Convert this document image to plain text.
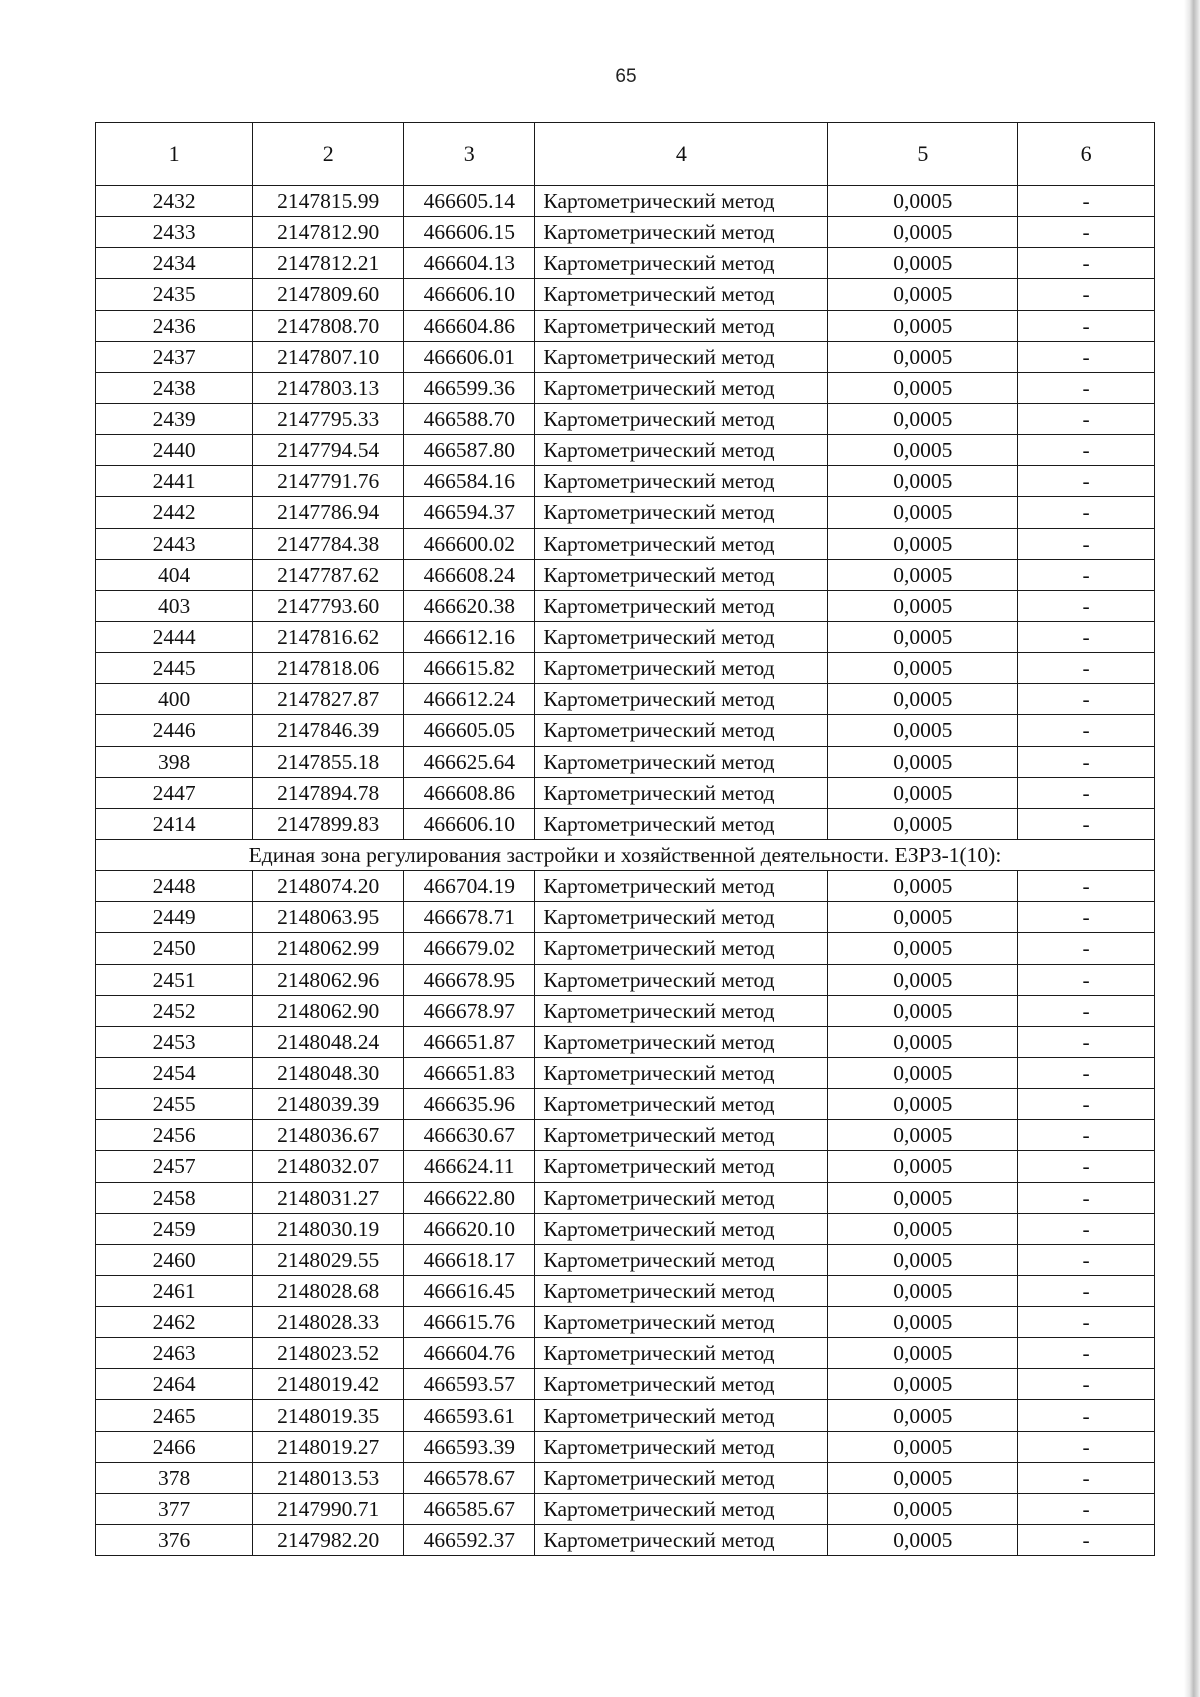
65
1	2	3	4	5	6
2432	2147815.99	466605.14	Картометрический метод	0,0005	-
2433	2147812.90	466606.15	Картометрический метод	0,0005	-
2434	2147812.21	466604.13	Картометрический метод	0,0005	-
2435	2147809.60	466606.10	Картометрический метод	0,0005	-
2436	2147808.70	466604.86	Картометрический метод	0,0005	-
2437	2147807.10	466606.01	Картометрический метод	0,0005	-
2438	2147803.13	466599.36	Картометрический метод	0,0005	-
2439	2147795.33	466588.70	Картометрический метод	0,0005	-
2440	2147794.54	466587.80	Картометрический метод	0,0005	-
2441	2147791.76	466584.16	Картометрический метод	0,0005	-
2442	2147786.94	466594.37	Картометрический метод	0,0005	-
2443	2147784.38	466600.02	Картометрический метод	0,0005	-
404	2147787.62	466608.24	Картометрический метод	0,0005	-
403	2147793.60	466620.38	Картометрический метод	0,0005	-
2444	2147816.62	466612.16	Картометрический метод	0,0005	-
2445	2147818.06	466615.82	Картометрический метод	0,0005	-
400	2147827.87	466612.24	Картометрический метод	0,0005	-
2446	2147846.39	466605.05	Картометрический метод	0,0005	-
398	2147855.18	466625.64	Картометрический метод	0,0005	-
2447	2147894.78	466608.86	Картометрический метод	0,0005	-
2414	2147899.83	466606.10	Картометрический метод	0,0005	-
Единая зона регулирования застройки и хозяйственной деятельности. ЕЗРЗ-1(10):					
2448	2148074.20	466704.19	Картометрический метод	0,0005	-
2449	2148063.95	466678.71	Картометрический метод	0,0005	-
2450	2148062.99	466679.02	Картометрический метод	0,0005	-
2451	2148062.96	466678.95	Картометрический метод	0,0005	-
2452	2148062.90	466678.97	Картометрический метод	0,0005	-
2453	2148048.24	466651.87	Картометрический метод	0,0005	-
2454	2148048.30	466651.83	Картометрический метод	0,0005	-
2455	2148039.39	466635.96	Картометрический метод	0,0005	-
2456	2148036.67	466630.67	Картометрический метод	0,0005	-
2457	2148032.07	466624.11	Картометрический метод	0,0005	-
2458	2148031.27	466622.80	Картометрический метод	0,0005	-
2459	2148030.19	466620.10	Картометрический метод	0,0005	-
2460	2148029.55	466618.17	Картометрический метод	0,0005	-
2461	2148028.68	466616.45	Картометрический метод	0,0005	-
2462	2148028.33	466615.76	Картометрический метод	0,0005	-
2463	2148023.52	466604.76	Картометрический метод	0,0005	-
2464	2148019.42	466593.57	Картометрический метод	0,0005	-
2465	2148019.35	466593.61	Картометрический метод	0,0005	-
2466	2148019.27	466593.39	Картометрический метод	0,0005	-
378	2148013.53	466578.67	Картометрический метод	0,0005	-
377	2147990.71	466585.67	Картометрический метод	0,0005	-
376	2147982.20	466592.37	Картометрический метод	0,0005	-
